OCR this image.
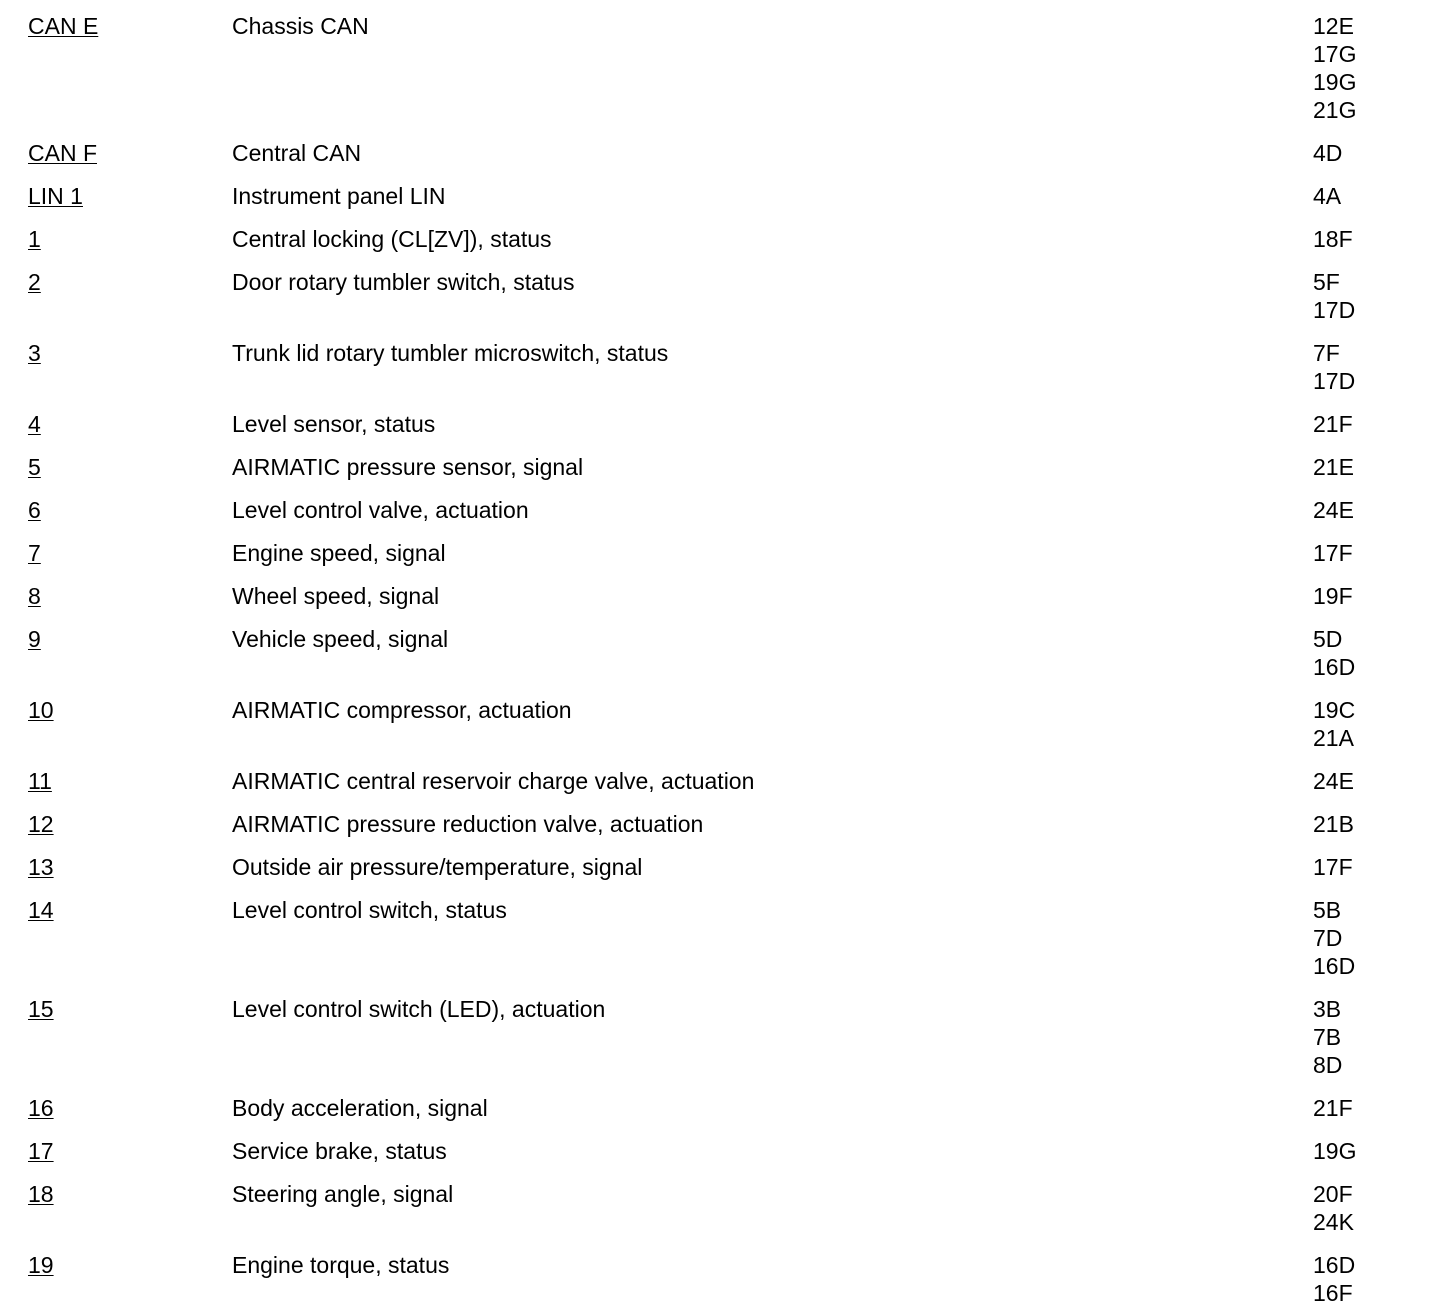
CAN E	Chassis CAN	12E
17G
19G
21G
CAN F	Central CAN	4D
LIN 1	Instrument panel LIN	4A
1	Central locking (CL[ZV]), status	18F
2	Door rotary tumbler switch, status	5F
17D
3	Trunk lid rotary tumbler microswitch, status	7F
17D
4	Level sensor, status	21F
5	AIRMATIC pressure sensor, signal	21E
6	Level control valve, actuation	24E
7	Engine speed, signal	17F
8	Wheel speed, signal	19F
9	Vehicle speed, signal	5D
16D
10	AIRMATIC compressor, actuation	19C
21A
11	AIRMATIC central reservoir charge valve, actuation	24E
12	AIRMATIC pressure reduction valve, actuation	21B
13	Outside air pressure/temperature, signal	17F
14	Level control switch, status	5B
7D
16D
15	Level control switch (LED), actuation	3B
7B
8D
16	Body acceleration, signal	21F
17	Service brake, status	19G
18	Steering angle, signal	20F
24K
19	Engine torque, status	16D
16F
